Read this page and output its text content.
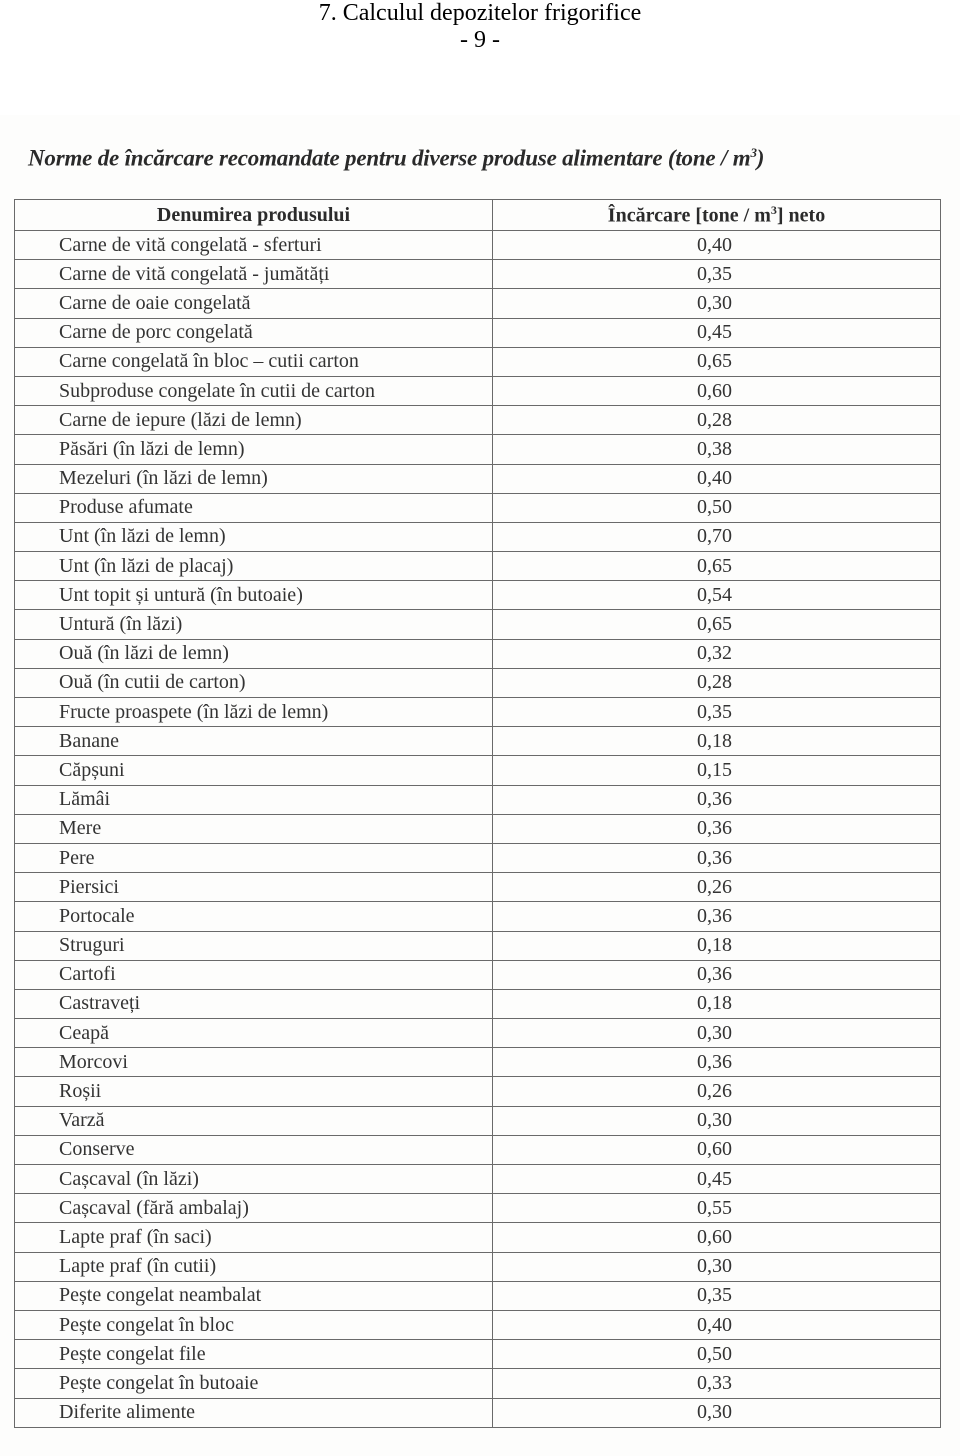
7. Calculul depozitelor frigorifice
- 9 -
Norme de încărcare recomandate pentru diverse produse alimentare (tone / $m^3$)
Denumirea produsului	Încărcare [tone / $m^3$] neto
Carne de vită congelată - sferturi	0,40
Carne de vită congelată - jumătăți	0,35
Carne de oaie congelată	0,30
Carne de porc congelată	0,45
Carne congelată în bloc – cutii carton	0,65
Subproduse congelate în cutii de carton	0,60
Carne de iepure (lăzi de lemn)	0,28
Păsări (în lăzi de lemn)	0,38
Mezeluri (în lăzi de lemn)	0,40
Produse afumate	0,50
Unt (în lăzi de lemn)	0,70
Unt (în lăzi de placaj)	0,65
Unt topit și untură (în butoaie)	0,54
Untură (în lăzi)	0,65
Ouă (în lăzi de lemn)	0,32
Ouă (în cutii de carton)	0,28
Fructe proaspete (în lăzi de lemn)	0,35
Banane	0,18
Căpșuni	0,15
Lămâi	0,36
Mere	0,36
Pere	0,36
Piersici	0,26
Portocale	0,36
Struguri	0,18
Cartofi	0,36
Castraveți	0,18
Ceapă	0,30
Morcovi	0,36
Roșii	0,26
Varză	0,30
Conserve	0,60
Cașcaval (în lăzi)	0,45
Cașcaval (fără ambalaj)	0,55
Lapte praf (în saci)	0,60
Lapte praf (în cutii)	0,30
Pește congelat neambalat	0,35
Pește congelat în bloc	0,40
Pește congelat file	0,50
Pește congelat în butoaie	0,33
Diferite alimente	0,30
